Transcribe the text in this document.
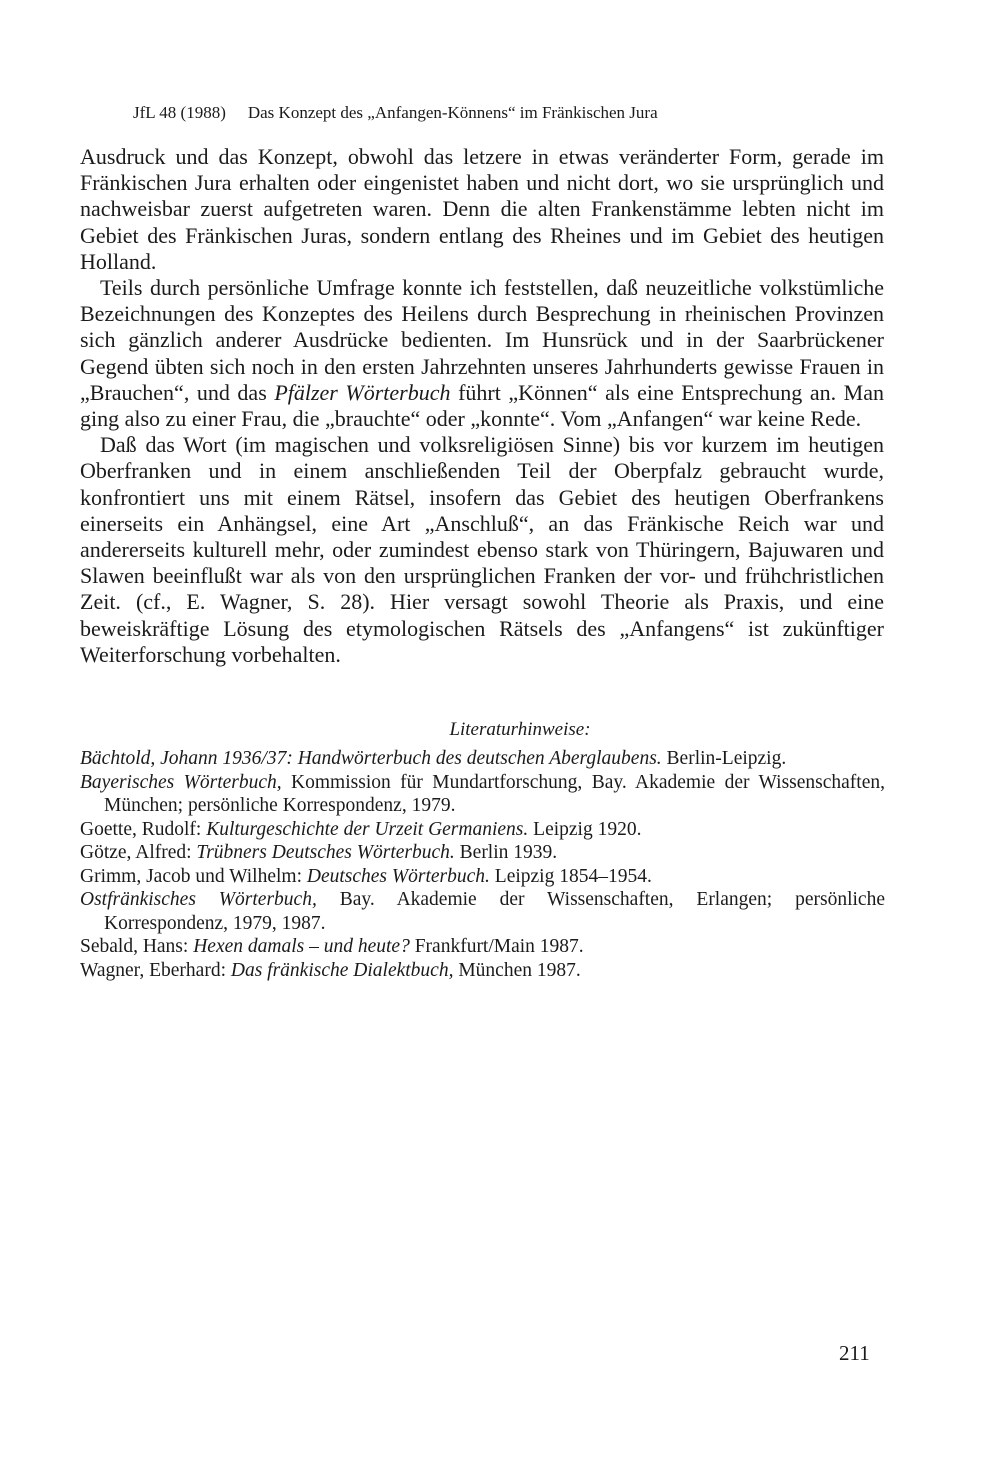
JfL 48 (1988) Das Konzept des „Anfangen-Könnens“ im Fränkischen Jura

Ausdruck und das Konzept, obwohl das letzere in etwas veränderter Form, gerade im Fränkischen Jura erhalten oder eingenistet haben und nicht dort, wo sie ursprünglich und nachweisbar zuerst aufgetreten waren. Denn die alten Frankenstämme lebten nicht im Gebiet des Fränkischen Juras, sondern entlang des Rheines und im Gebiet des heutigen Holland.

Teils durch persönliche Umfrage konnte ich feststellen, daß neuzeitliche volkstümliche Bezeichnungen des Konzeptes des Heilens durch Besprechung in rheinischen Provinzen sich gänzlich anderer Ausdrücke bedienten. Im Hunsrück und in der Saarbrückener Gegend übten sich noch in den ersten Jahrzehnten unseres Jahrhunderts gewisse Frauen in „Brauchen“, und das Pfälzer Wörterbuch führt „Können“ als eine Entsprechung an. Man ging also zu einer Frau, die „brauchte“ oder „konnte“. Vom „Anfangen“ war keine Rede.

Daß das Wort (im magischen und volksreligiösen Sinne) bis vor kurzem im heutigen Oberfranken und in einem anschließenden Teil der Oberpfalz gebraucht wurde, konfrontiert uns mit einem Rätsel, insofern das Gebiet des heutigen Oberfrankens einerseits ein Anhängsel, eine Art „Anschluß“, an das Fränkische Reich war und andererseits kulturell mehr, oder zumindest ebenso stark von Thüringern, Bajuwaren und Slawen beeinflußt war als von den ursprünglichen Franken der vor- und frühchristlichen Zeit. (cf., E. Wagner, S. 28). Hier versagt sowohl Theorie als Praxis, und eine beweiskräftige Lösung des etymologischen Rätsels des „Anfangens“ ist zukünftiger Weiterforschung vorbehalten.

Literaturhinweise:
Bächtold, Johann 1936/37: Handwörterbuch des deutschen Aberglaubens. Berlin-Leipzig.
Bayerisches Wörterbuch, Kommission für Mundartforschung, Bay. Akademie der Wissenschaften, München; persönliche Korrespondenz, 1979.
Goette, Rudolf: Kulturgeschichte der Urzeit Germaniens. Leipzig 1920.
Götze, Alfred: Trübners Deutsches Wörterbuch. Berlin 1939.
Grimm, Jacob und Wilhelm: Deutsches Wörterbuch. Leipzig 1854–1954.
Ostfränkisches Wörterbuch, Bay. Akademie der Wissenschaften, Erlangen; persönliche Korrespondenz, 1979, 1987.
Sebald, Hans: Hexen damals – und heute? Frankfurt/Main 1987.
Wagner, Eberhard: Das fränkische Dialektbuch, München 1987.
211
